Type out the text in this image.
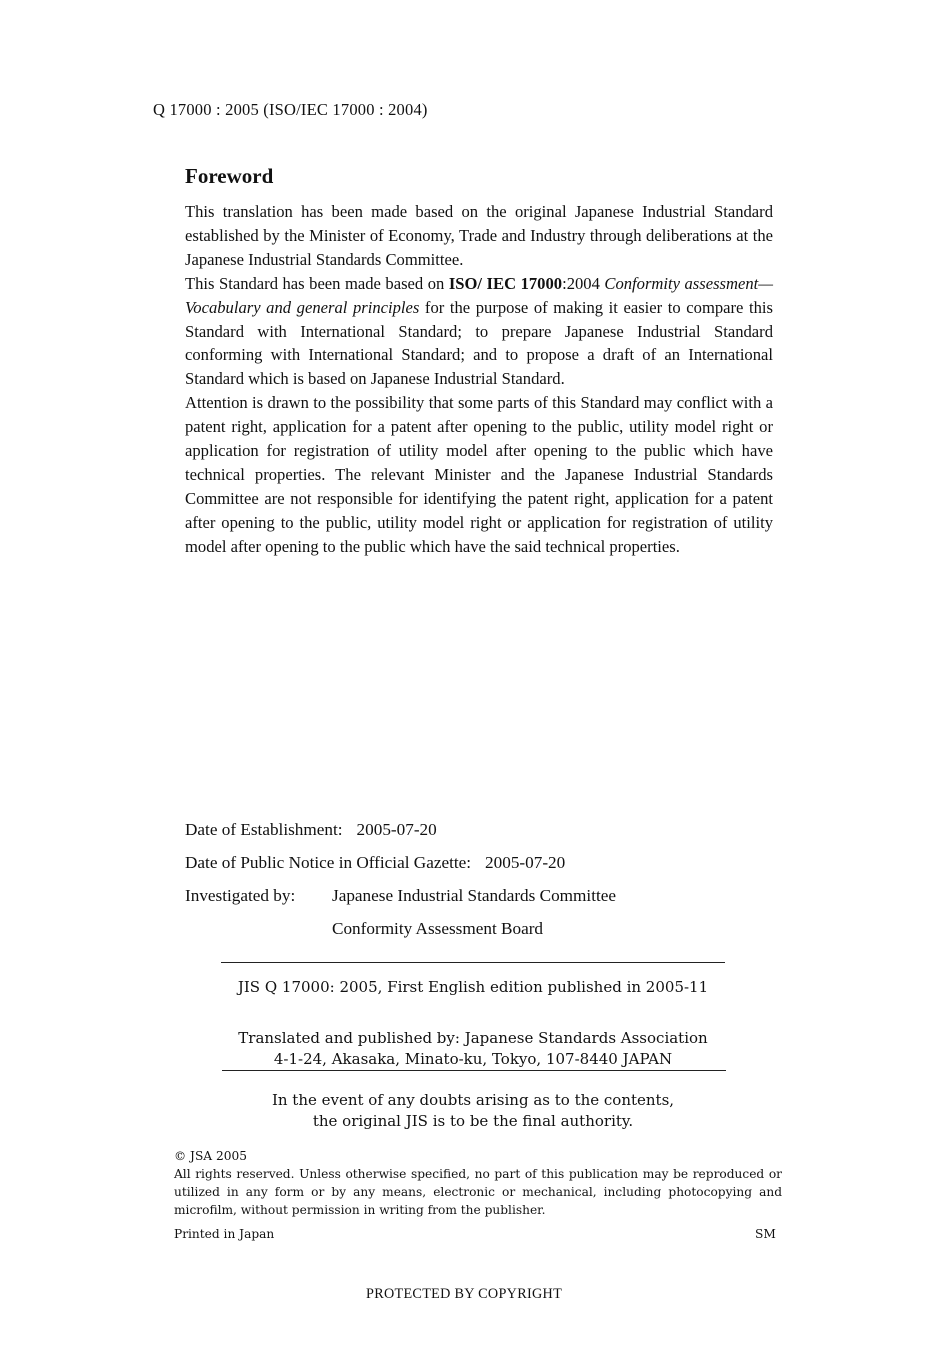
Q 17000 : 2005 (ISO/IEC 17000 : 2004)
Foreword

This translation has been made based on the original Japanese Industrial Standard established by the Minister of Economy, Trade and Industry through deliberations at the Japanese Industrial Standards Committee.

This Standard has been made based on ISO/ IEC 17000:2004 Conformity assessment—Vocabulary and general principles for the purpose of making it easier to compare this Standard with International Standard; to prepare Japanese Industrial Standard conforming with International Standard; and to propose a draft of an International Standard which is based on Japanese Industrial Standard.

Attention is drawn to the possibility that some parts of this Standard may conflict with a patent right, application for a patent after opening to the public, utility model right or application for registration of utility model after opening to the public which have technical properties. The relevant Minister and the Japanese Industrial Standards Committee are not responsible for identifying the patent right, application for a patent after opening to the public, utility model right or application for registration of utility model after opening to the public which have the said technical properties.

Date of Establishment: 2005-07-20
Date of Public Notice in Official Gazette: 2005-07-20
Investigated by: Japanese Industrial Standards Committee
Conformity Assessment Board
JIS Q 17000: 2005, First English edition published in 2005-11
Translated and published by: Japanese Standards Association
4-1-24, Akasaka, Minato-ku, Tokyo, 107-8440 JAPAN
In the event of any doubts arising as to the contents,
the original JIS is to be the final authority.

© JSA 2005

All rights reserved. Unless otherwise specified, no part of this publication may be reproduced or utilized in any form or by any means, electronic or mechanical, including photocopying and microfilm, without permission in writing from the publisher.

Printed in Japan	SM
PROTECTED BY COPYRIGHT
